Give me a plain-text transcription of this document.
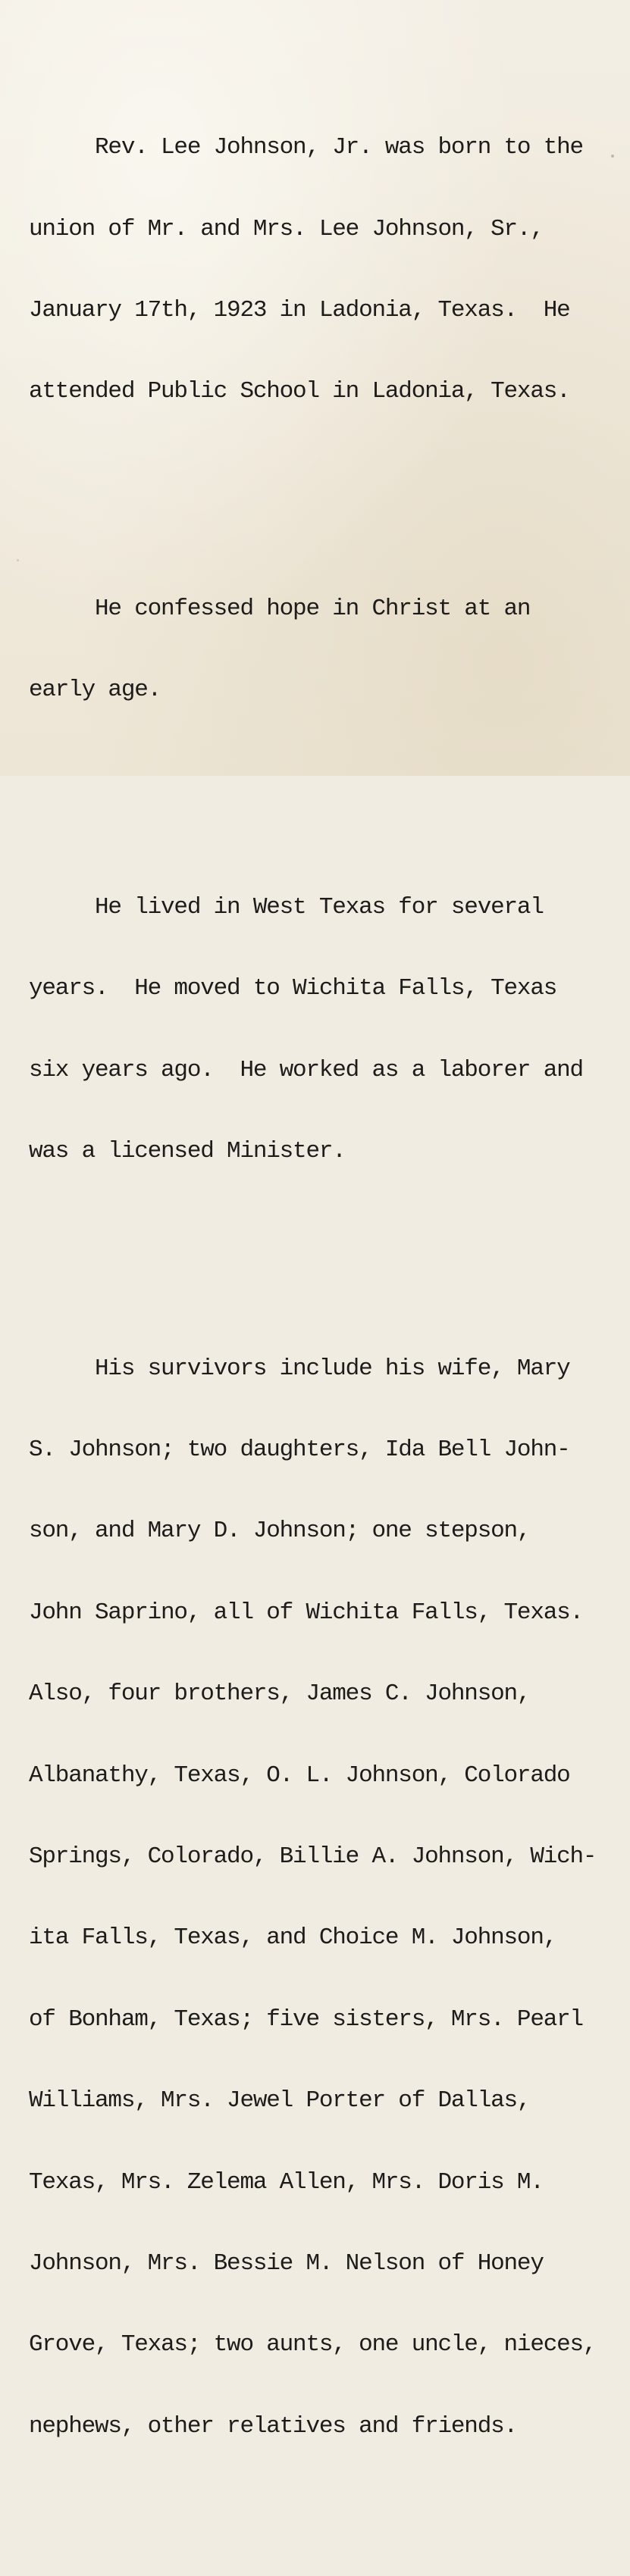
Rev. Lee Johnson, Jr. was born to the

union of Mr. and Mrs. Lee Johnson, Sr.,

January 17th, 1923 in Ladonia, Texas.  He

attended Public School in Ladonia, Texas.

He confessed hope in Christ at an

early age.

He lived in West Texas for several

years.  He moved to Wichita Falls, Texas

six years ago.  He worked as a laborer and

was a licensed Minister.

His survivors include his wife, Mary

S. Johnson; two daughters, Ida Bell John-

son, and Mary D. Johnson; one stepson,

John Saprino, all of Wichita Falls, Texas.

Also, four brothers, James C. Johnson,

Albanathy, Texas, O. L. Johnson, Colorado

Springs, Colorado, Billie A. Johnson, Wich-

ita Falls, Texas, and Choice M. Johnson,

of Bonham, Texas; five sisters, Mrs. Pearl

Williams, Mrs. Jewel Porter of Dallas,

Texas, Mrs. Zelema Allen, Mrs. Doris M.

Johnson, Mrs. Bessie M. Nelson of Honey

Grove, Texas; two aunts, one uncle, nieces,

nephews, other relatives and friends.
